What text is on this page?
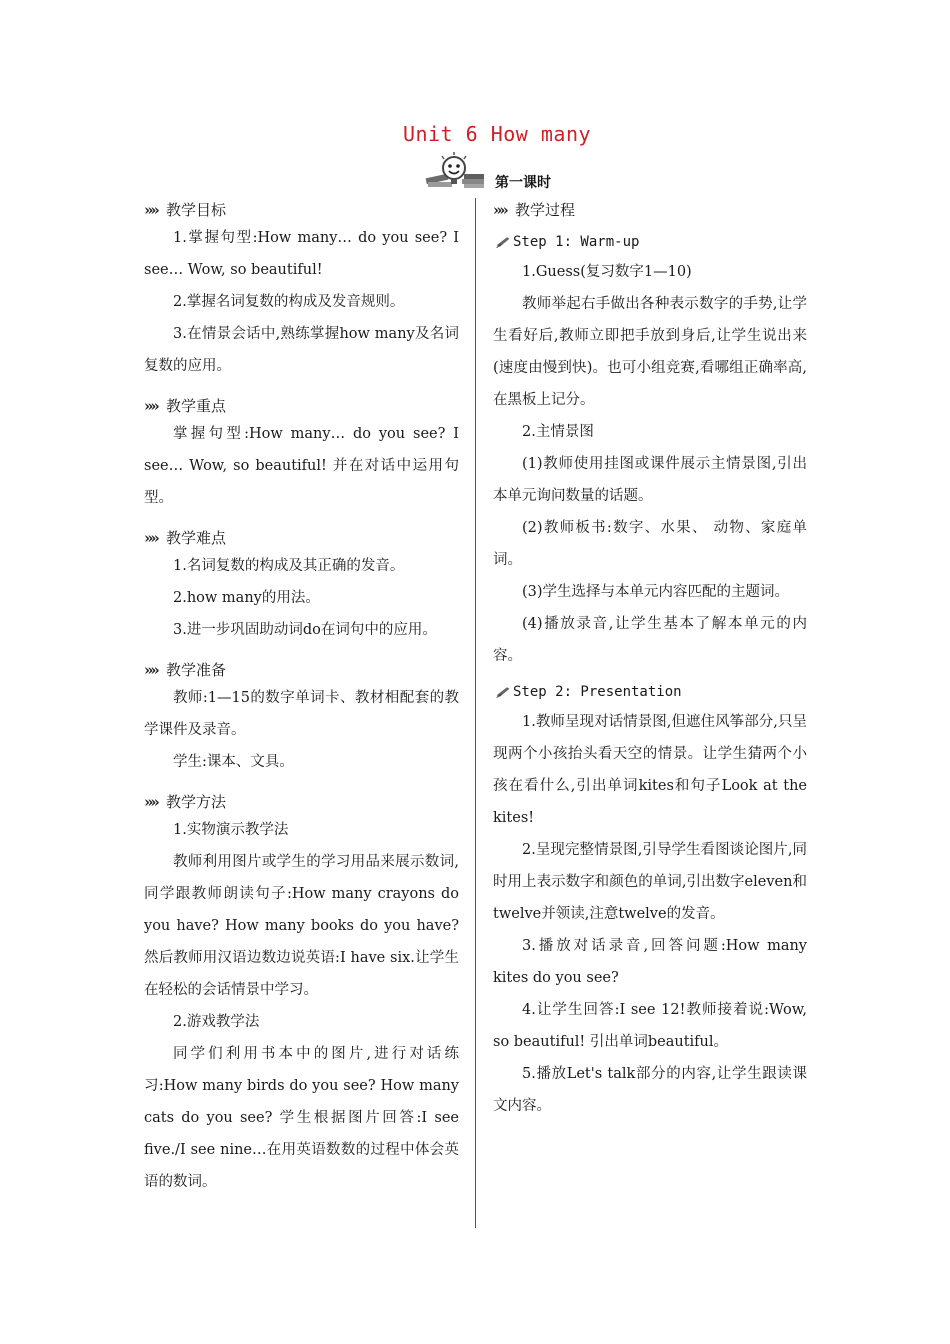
Unit 6 How many
第一课时
»» 教学目标

1.掌握句型:How many… do you see? I see… Wow, so beautiful!

2.掌握名词复数的构成及发音规则。

3.在情景会话中,熟练掌握how many及名词复数的应用。

»» 教学重点

掌握句型:How many… do you see? I see… Wow, so beautiful! 并在对话中运用句型。

»» 教学难点

1.名词复数的构成及其正确的发音。

2.how many的用法。

3.进一步巩固助动词do在词句中的应用。

»» 教学准备

教师:1—15的数字单词卡、教材相配套的教学课件及录音。

学生:课本、文具。

»» 教学方法

1.实物演示教学法

教师利用图片或学生的学习用品来展示数词,同学跟教师朗读句子:How many crayons do you have? How many books do you have? 然后教师用汉语边数边说英语:I have six.让学生在轻松的会话情景中学习。

2.游戏教学法

同学们利用书本中的图片,进行对话练习:How many birds do you see? How many cats do you see? 学生根据图片回答:I see five./I see nine…在用英语数数的过程中体会英语的数词。

»» 教学过程
Step 1: Warm-up

1.Guess(复习数字1—10)

教师举起右手做出各种表示数字的手势,让学生看好后,教师立即把手放到身后,让学生说出来(速度由慢到快)。也可小组竞赛,看哪组正确率高,在黑板上记分。

2.主情景图

(1)教师使用挂图或课件展示主情景图,引出本单元询问数量的话题。

(2)教师板书:数字、水果、 动物、家庭单词。

(3)学生选择与本单元内容匹配的主题词。

(4)播放录音,让学生基本了解本单元的内容。

Step 2: Presentation

1.教师呈现对话情景图,但遮住风筝部分,只呈现两个小孩抬头看天空的情景。让学生猜两个小孩在看什么,引出单词kites和句子Look at the kites!

2.呈现完整情景图,引导学生看图谈论图片,同时用上表示数字和颜色的单词,引出数字eleven和twelve并领读,注意twelve的发音。

3.播放对话录音,回答问题:How many kites do you see?

4.让学生回答:I see 12!教师接着说:Wow, so beautiful! 引出单词beautiful。

5.播放Let's talk部分的内容,让学生跟读课文内容。
